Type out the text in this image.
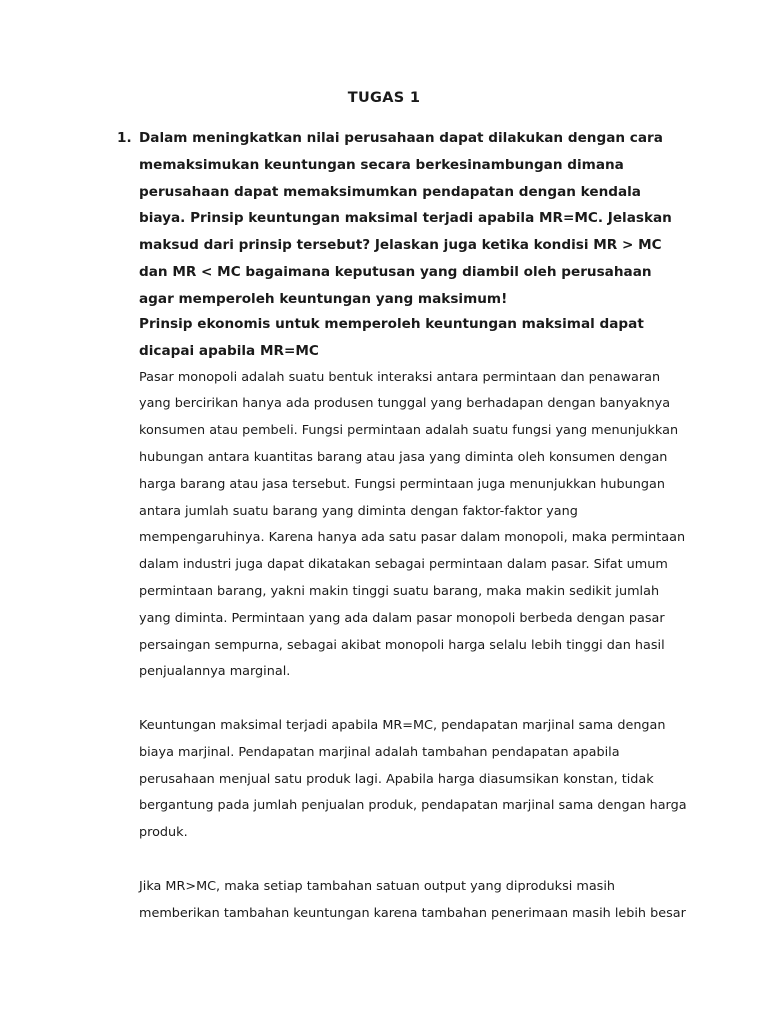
TUGAS 1
1. Dalam meningkatkan nilai perusahaan dapat dilakukan dengan cara memaksimukan keuntungan secara berkesinambungan dimana perusahaan dapat memaksimumkan pendapatan dengan kendala biaya. Prinsip keuntungan maksimal terjadi apabila MR=MC. Jelaskan maksud dari prinsip tersebut? Jelaskan juga ketika kondisi MR > MC dan MR < MC bagaimana keputusan yang diambil oleh perusahaan agar memperoleh keuntungan yang maksimum!

Prinsip ekonomis untuk memperoleh keuntungan maksimal dapat dicapai apabila MR=MC

Pasar monopoli adalah suatu bentuk interaksi antara permintaan dan penawaran yang bercirikan hanya ada produsen tunggal yang berhadapan dengan banyaknya konsumen atau pembeli. Fungsi permintaan adalah suatu fungsi yang menunjukkan hubungan antara kuantitas barang atau jasa yang diminta oleh konsumen dengan harga barang atau jasa tersebut. Fungsi permintaan juga menunjukkan hubungan antara jumlah suatu barang yang diminta dengan faktor-faktor yang mempengaruhinya. Karena hanya ada satu pasar dalam monopoli, maka permintaan dalam industri juga dapat dikatakan sebagai permintaan dalam pasar. Sifat umum permintaan barang, yakni makin tinggi suatu barang, maka makin sedikit jumlah yang diminta. Permintaan yang ada dalam pasar monopoli berbeda dengan pasar persaingan sempurna, sebagai akibat monopoli harga selalu lebih tinggi dan hasil penjualannya marginal.

Keuntungan maksimal terjadi apabila MR=MC, pendapatan marjinal sama dengan biaya marjinal. Pendapatan marjinal adalah tambahan pendapatan apabila perusahaan menjual satu produk lagi. Apabila harga diasumsikan konstan, tidak bergantung pada jumlah penjualan produk, pendapatan marjinal sama dengan harga produk.

Jika MR>MC, maka setiap tambahan satuan output yang diproduksi masih memberikan tambahan keuntungan karena tambahan penerimaan masih lebih besar
